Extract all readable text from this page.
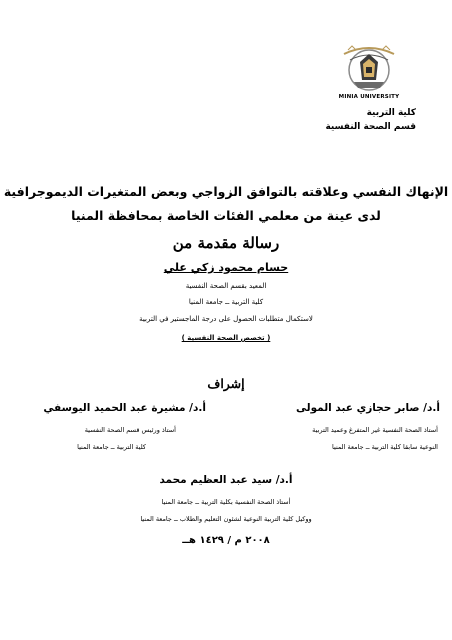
MINIA UNIVERSITY
كلية التربية
قسم الصحة النفسية
الإنهاك النفسي وعلاقته بالتوافق الزواجي وبعض المتغيرات الديموجرافية
لدى عينة من معلمي الفئات الخاصة بمحافظة المنيا
رسالة مقدمة من
حسام محمود زكي علي
المعيد بقسم الصحة النفسية
كلية التربية ــ جامعة المنيا
لاستكمال متطلبات الحصول على درجة الماجستير في التربية
( تخصص الصحة النفسية )
إشراف
أ.د/ صابر حجازي عبد المولى
أستاذ الصحة النفسية غير المتفرغ وعميد التربية
النوعية سابقا كلية التربية ــ جامعة المنيا
أ.د/ مشيرة عبد الحميد اليوسفي
أستاذ ورئيس قسم الصحة النفسية
كلية التربية ــ جامعة المنيا
أ.د/ سيد عبد العظيم محمد
أستاذ الصحة النفسية بكلية التربية ــ جامعة المنيا
ووكيل كلية التربية النوعية لشئون التعليم والطلاب ــ جامعة المنيا
٢٠٠٨ م / ١٤٢٩ هــ
